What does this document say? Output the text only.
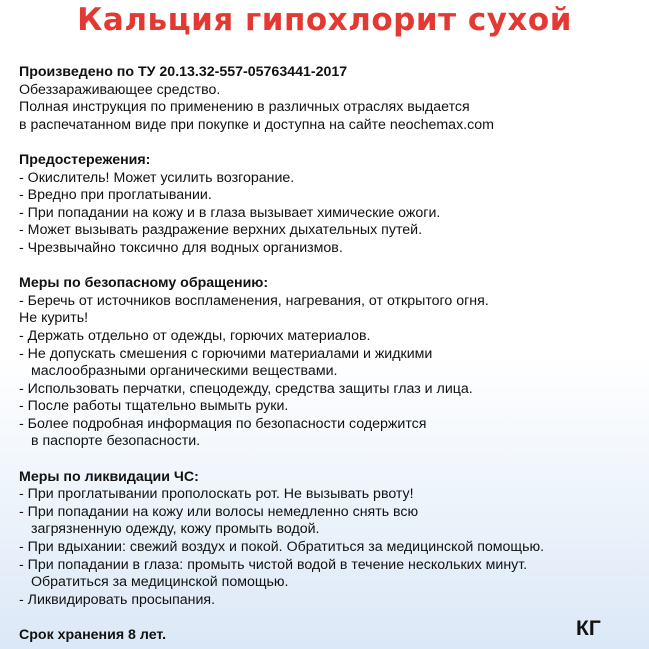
Кальция гипохлорит сухой

Произведено по ТУ 20.13.32-557-05763441-2017

Обеззараживающее средство.

Полная инструкция по применению в различных отраслях выдается

в распечатанном виде при покупке и доступна на сайте neochemax.com

Предостережения:

- Окислитель! Может усилить возгорание.

- Вредно при проглатывании.

- При попадании на кожу и в глаза вызывает химические ожоги.

- Может вызывать раздражение верхних дыхательных путей.

- Чрезвычайно токсично для водных организмов.

Меры по безопасному обращению:

- Беречь от источников воспламенения, нагревания, от открытого огня.

Не курить!

- Держать отдельно от одежды, горючих материалов.

- Не допускать смешения с горючими материалами и жидкими

маслообразными органическими веществами.

- Использовать перчатки, спецодежду, средства защиты глаз и лица.

- После работы тщательно вымыть руки.

- Более подробная информация по безопасности содержится

в паспорте безопасности.

Меры по ликвидации ЧС:

- При проглатывании прополоскать рот. Не вызывать рвоту!

- При попадании на кожу или волосы немедленно снять всю

загрязненную одежду, кожу промыть водой.

- При вдыхании: свежий воздух и покой. Обратиться за медицинской помощью.

- При попадании в глаза: промыть чистой водой в течение нескольких минут.

Обратиться за медицинской помощью.

- Ликвидировать просыпания.

Срок хранения 8 лет.	КГ
